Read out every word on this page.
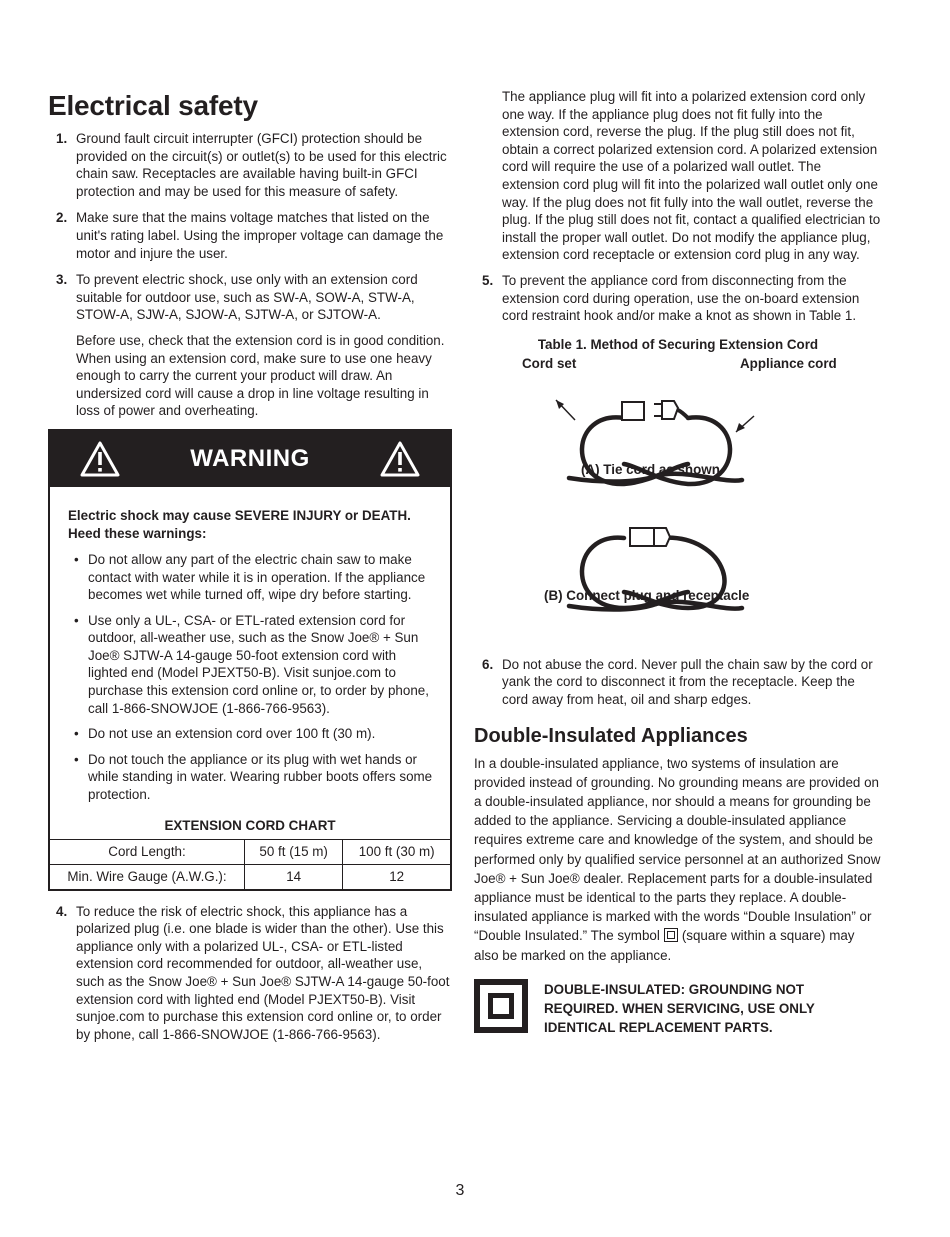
Electrical safety
1. Ground fault circuit interrupter (GFCI) protection should be provided on the circuit(s) or outlet(s) to be used for this electric chain saw. Receptacles are available having built-in GFCI protection and may be used for this measure of safety.

2. Make sure that the mains voltage matches that listed on the unit's rating label. Using the improper voltage can damage the motor and injure the user.

3. To prevent electric shock, use only with an extension cord suitable for outdoor use, such as SW-A, SOW-A, STW-A, STOW-A, SJW-A, SJOW-A, SJTW-A, or SJTOW-A.

Before use, check that the extension cord is in good condition. When using an extension cord, make sure to use one heavy enough to carry the current your product will draw. An undersized cord will cause a drop in line voltage resulting in loss of power and overheating.

WARNING

Electric shock may cause SEVERE INJURY or DEATH. Heed these warnings:

• Do not allow any part of the electric chain saw to make contact with water while it is in operation. If the appliance becomes wet while turned off, wipe dry before starting.
• Use only a UL-, CSA- or ETL-rated extension cord for outdoor, all-weather use, such as the Snow Joe® + Sun Joe® SJTW-A 14-gauge 50-foot extension cord with lighted end (Model PJEXT50-B). Visit sunjoe.com to purchase this extension cord online or, to order by phone, call 1-866-SNOWJOE (1-866-766-9563).
• Do not use an extension cord over 100 ft (30 m).
• Do not touch the appliance or its plug with wet hands or while standing in water. Wearing rubber boots offers some protection.
EXTENSION CORD CHART
Cord Length:	50 ft (15 m)	100 ft (30 m)
Min. Wire Gauge (A.W.G.):	14	12
4. To reduce the risk of electric shock, this appliance has a polarized plug (i.e. one blade is wider than the other). Use this appliance only with a polarized UL-, CSA- or ETL-listed extension cord recommended for outdoor, all-weather use, such as the Snow Joe® + Sun Joe® SJTW-A 14-gauge 50-foot extension cord with lighted end (Model PJEXT50-B). Visit sunjoe.com to purchase this extension cord online or, to order by phone, call 1-866-SNOWJOE (1-866-766-9563).

The appliance plug will fit into a polarized extension cord only one way. If the appliance plug does not fit fully into the extension cord, reverse the plug. If the plug still does not fit, obtain a correct polarized extension cord. A polarized extension cord will require the use of a polarized wall outlet. The extension cord plug will fit into the polarized wall outlet only one way. If the plug does not fit fully into the wall outlet, reverse the plug. If the plug still does not fit, contact a qualified electrician to install the proper wall outlet. Do not modify the appliance plug, extension cord receptacle or extension cord plug in any way.

5. To prevent the appliance cord from disconnecting from the extension cord during operation, use the on-board extension cord restraint hook and/or make a knot as shown in Table 1.

Table 1. Method of Securing Extension Cord
Cord set	Appliance cord
(A) Tie cord as shown
(B) Connect plug and receptacle
6. Do not abuse the cord. Never pull the chain saw by the cord or yank the cord to disconnect it from the receptacle. Keep the cord away from heat, oil and sharp edges.

Double-Insulated Appliances

In a double-insulated appliance, two systems of insulation are provided instead of grounding. No grounding means are provided on a double-insulated appliance, nor should a means for grounding be added to the appliance. Servicing a double-insulated appliance requires extreme care and knowledge of the system, and should be performed only by qualified service personnel at an authorized Snow Joe® + Sun Joe® dealer. Replacement parts for a double-insulated appliance must be identical to the parts they replace. A double-insulated appliance is marked with the words “Double Insulation” or “Double Insulated.” The symbol (square within a square) may also be marked on the appliance.

DOUBLE-INSULATED: GROUNDING NOT REQUIRED. WHEN SERVICING, USE ONLY IDENTICAL REPLACEMENT PARTS.
3
